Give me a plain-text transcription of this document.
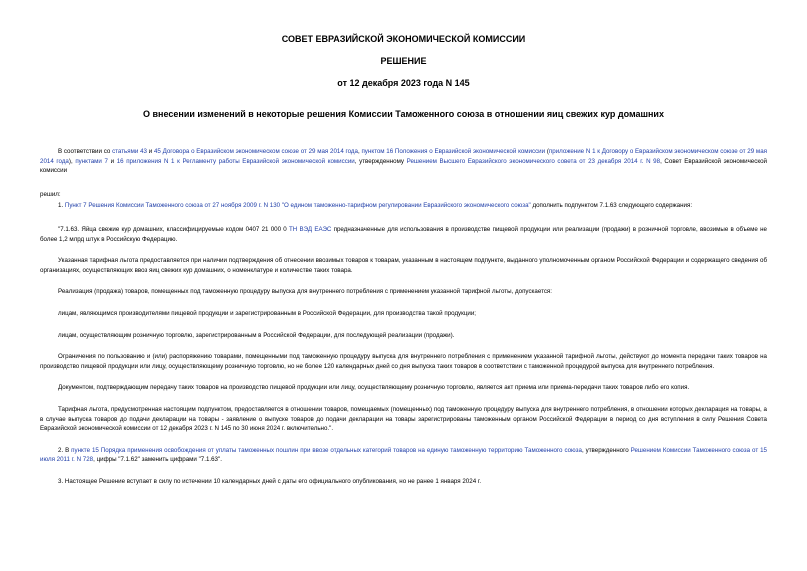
СОВЕТ ЕВРАЗИЙСКОЙ ЭКОНОМИЧЕСКОЙ КОМИССИИ
РЕШЕНИЕ
от 12 декабря 2023 года N 145
О внесении изменений в некоторые решения Комиссии Таможенного союза в отношении яиц свежих кур домашних

В соответствии со статьями 43 и 45 Договора о Евразийском экономическом союзе от 29 мая 2014 года, пунктом 16 Положения о Евразийской экономической комиссии (приложение N 1 к Договору о Евразийском экономическом союзе от 29 мая 2014 года), пунктами 7 и 16 приложения N 1 к Регламенту работы Евразийской экономической комиссии, утвержденному Решением Высшего Евразийского экономического совета от 23 декабря 2014 г. N 98, Совет Евразийской экономической комиссии

решил:

1. Пункт 7 Решения Комиссии Таможенного союза от 27 ноября 2009 г. N 130 "О едином таможенно-тарифном регулировании Евразийского экономического союза" дополнить подпунктом 7.1.63 следующего содержания:

"7.1.63. Яйца свежие кур домашних, классифицируемые кодом 0407 21 000 0 ТН ВЭД ЕАЭС предназначенные для использования в производстве пищевой продукции или реализации (продажи) в розничной торговле, ввозимые в объеме не более 1,2 млрд штук в Российскую Федерацию.

Указанная тарифная льгота предоставляется при наличии подтверждения об отнесении ввозимых товаров к товарам, указанным в настоящем подпункте, выданного уполномоченным органом Российской Федерации и содержащего сведения об организациях, осуществляющих ввоз яиц свежих кур домашних, о номенклатуре и количестве таких товара.

Реализация (продажа) товаров, помещенных под таможенную процедуру выпуска для внутреннего потребления с применением указанной тарифной льготы, допускается:

лицам, являющимся производителями пищевой продукции и зарегистрированным в Российской Федерации, для производства такой продукции;

лицам, осуществляющим розничную торговлю, зарегистрированным в Российской Федерации, для последующей реализации (продажи).

Ограничения по пользованию и (или) распоряжению товарами, помещенными под таможенную процедуру выпуска для внутреннего потребления с применением указанной тарифной льготы, действуют до момента передачи таких товаров на производство пищевой продукции или лицу, осуществляющему розничную торговлю, но не более 120 календарных дней со дня выпуска таких товаров в соответствии с таможенной процедурой выпуска для внутреннего потребления.

Документом, подтверждающим передачу таких товаров на производство пищевой продукции или лицу, осуществляющему розничную торговлю, является акт приема или приема-передачи таких товаров либо его копия.

Тарифная льгота, предусмотренная настоящим подпунктом, предоставляется в отношении товаров, помещаемых (помещенных) под таможенную процедуру выпуска для внутреннего потребления, в отношении которых декларация на товары, а в случае выпуска товаров до подачи декларации на товары - заявление о выпуске товаров до подачи декларации на товары зарегистрированы таможенным органом Российской Федерации в период со дня вступления в силу Решения Совета Евразийской экономической комиссии от 12 декабря 2023 г. N 145 по 30 июня 2024 г. включительно.".

2. В пункте 15 Порядка применения освобождения от уплаты таможенных пошлин при ввозе отдельных категорий товаров на единую таможенную территорию Таможенного союза, утвержденного Решением Комиссии Таможенного союза от 15 июля 2011 г. N 728, цифры "7.1.62" заменить цифрами "7.1.63".

3. Настоящее Решение вступает в силу по истечении 10 календарных дней с даты его официального опубликования, но не ранее 1 января 2024 г.
